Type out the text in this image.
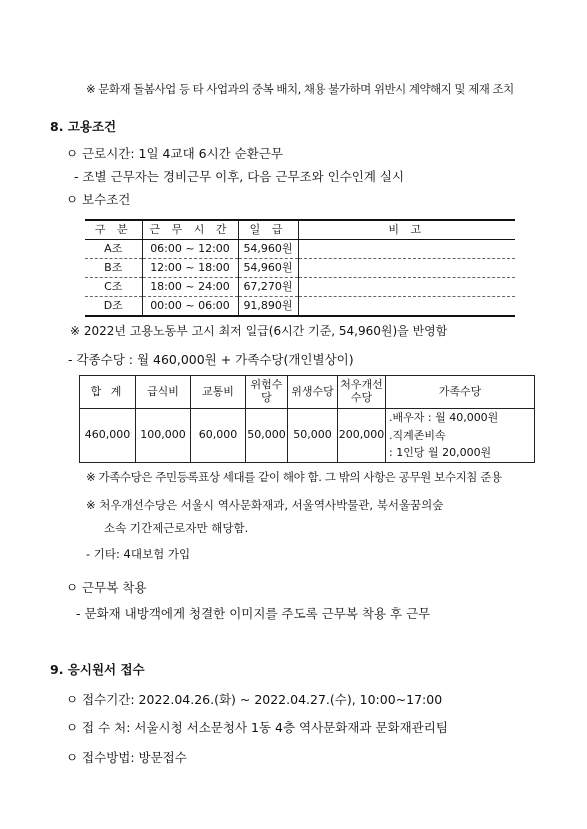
※ 문화재 돌봄사업 등 타 사업과의 중복 배치, 채용 불가하며 위반시 계약해지 및 제재 조치
8. 고용조건
ㅇ 근로시간: 1일 4교대 6시간 순환근무
- 조별 근무자는 경비근무 이후, 다음 근무조와 인수인계 실시
ㅇ 보수조건
구 분	근 무 시 간	일 급	비 고
A조	06:00 ~ 12:00	54,960원	
B조	12:00 ~ 18:00	54,960원	
C조	18:00 ~ 24:00	67,270원	
D조	00:00 ~ 06:00	91,890원	
※ 2022년 고용노동부 고시 최저 일급(6시간 기준, 54,960원)을 반영함
- 각종수당 : 월 460,000원 + 가족수당(개인별상이)
합 계	급식비	교통비	위험수당	위생수당	처우개선수당	가족수당
460,000	100,000	60,000	50,000	50,000	200,000	.배우자 : 월 40,000원
.직계존비속
: 1인당 월 20,000원
※ 가족수당은 주민등록표상 세대를 같이 해야 함. 그 밖의 사항은 공무원 보수지침 준용
※ 처우개선수당은 서울시 역사문화재과, 서울역사박물관, 북서울꿈의숲
소속 기간제근로자만 해당함.
- 기타: 4대보험 가입
ㅇ 근무복 착용
- 문화재 내방객에게 청결한 이미지를 주도록 근무복 착용 후 근무
9. 응시원서 접수
ㅇ 접수기간: 2022.04.26.(화) ~ 2022.04.27.(수), 10:00~17:00
ㅇ 접 수 처: 서울시청 서소문청사 1동 4층 역사문화재과 문화재관리팀
ㅇ 접수방법: 방문접수
